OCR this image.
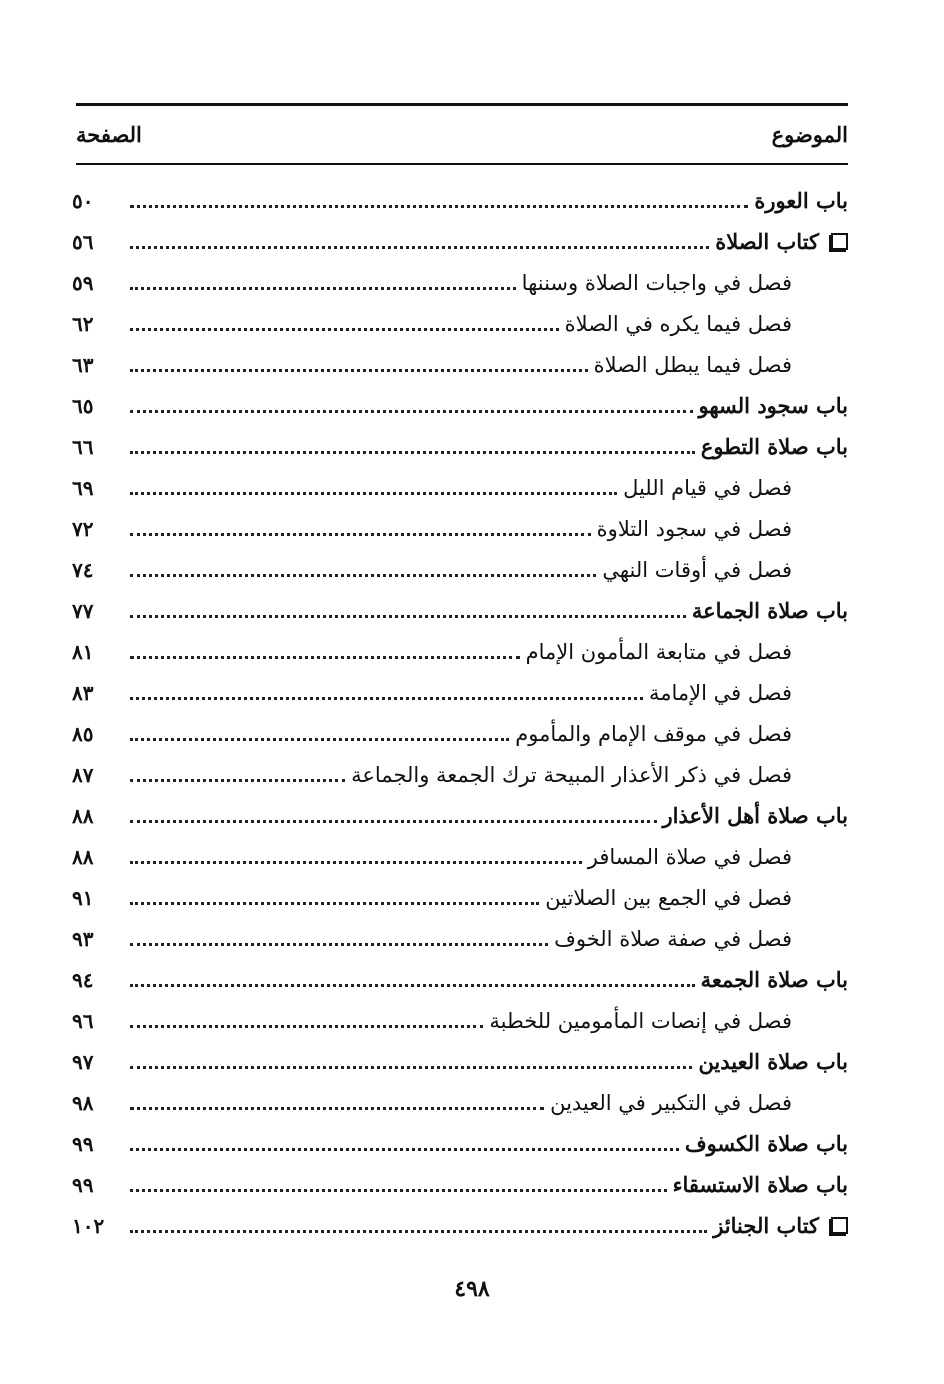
الموضوع
الصفحة
باب العورة
٥٠
كتاب الصلاة
٥٦
فصل في واجبات الصلاة وسننها
٥٩
فصل فيما يكره في الصلاة
٦٢
فصل فيما يبطل الصلاة
٦٣
باب سجود السهو
٦٥
باب صلاة التطوع
٦٦
فصل في قيام الليل
٦٩
فصل في سجود التلاوة
٧٢
فصل في أوقات النهي
٧٤
باب صلاة الجماعة
٧٧
فصل في متابعة المأمون الإمام
٨١
فصل في الإمامة
٨٣
فصل في موقف الإمام والمأموم
٨٥
فصل في ذكر الأعذار المبيحة ترك الجمعة والجماعة
٨٧
باب صلاة أهل الأعذار
٨٨
فصل في صلاة المسافر
٨٨
فصل في الجمع بين الصلاتين
٩١
فصل في صفة صلاة الخوف
٩٣
باب صلاة الجمعة
٩٤
فصل في إنصات المأمومين للخطبة
٩٦
باب صلاة العيدين
٩٧
فصل في التكبير في العيدين
٩٨
باب صلاة الكسوف
٩٩
باب صلاة الاستسقاء
٩٩
كتاب الجنائز
١٠٢
٤٩٨
